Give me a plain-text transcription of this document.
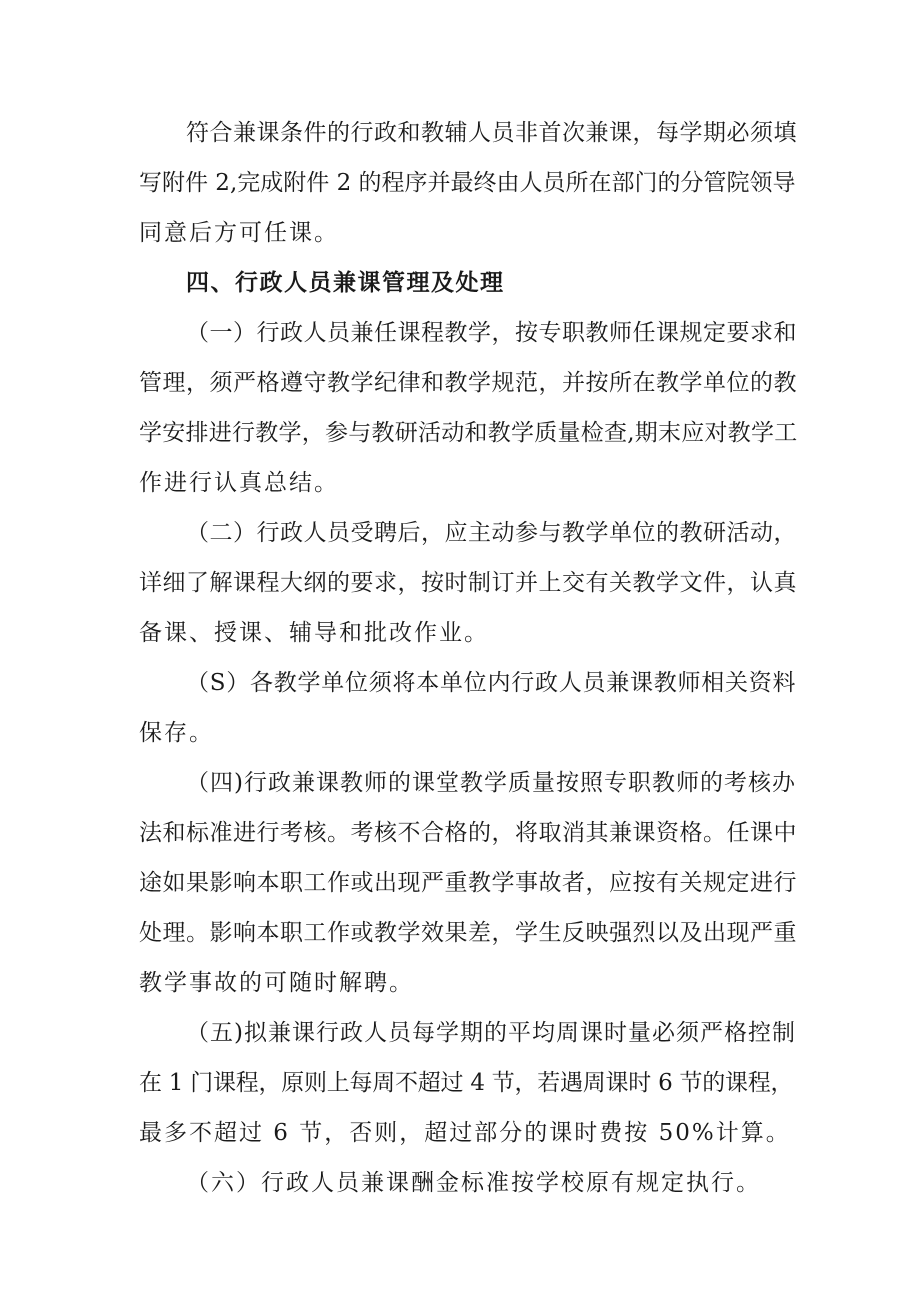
符合兼课条件的行政和教辅人员非首次兼课，每学期必须填
写附件 2,完成附件 2 的程序并最终由人员所在部门的分管院领导
同意后方可任课。
四、行政人员兼课管理及处理
（一）行政人员兼任课程教学，按专职教师任课规定要求和
管理，须严格遵守教学纪律和教学规范，并按所在教学单位的教
学安排进行教学，参与教研活动和教学质量检查,期末应对教学工
作进行认真总结。
（二）行政人员受聘后，应主动参与教学单位的教研活动，
详细了解课程大纲的要求，按时制订并上交有关教学文件，认真
备课、授课、辅导和批改作业。
（S）各教学单位须将本单位内行政人员兼课教师相关资料
保存。
（四)行政兼课教师的课堂教学质量按照专职教师的考核办
法和标准进行考核。考核不合格的，将取消其兼课资格。任课中
途如果影响本职工作或出现严重教学事故者，应按有关规定进行
处理。影响本职工作或教学效果差，学生反映强烈以及出现严重
教学事故的可随时解聘。
（五)拟兼课行政人员每学期的平均周课时量必须严格控制
在 1 门课程，原则上每周不超过 4 节，若遇周课时 6 节的课程，
最多不超过 6 节，否则，超过部分的课时费按 50%计算。
（六）行政人员兼课酬金标准按学校原有规定执行。
